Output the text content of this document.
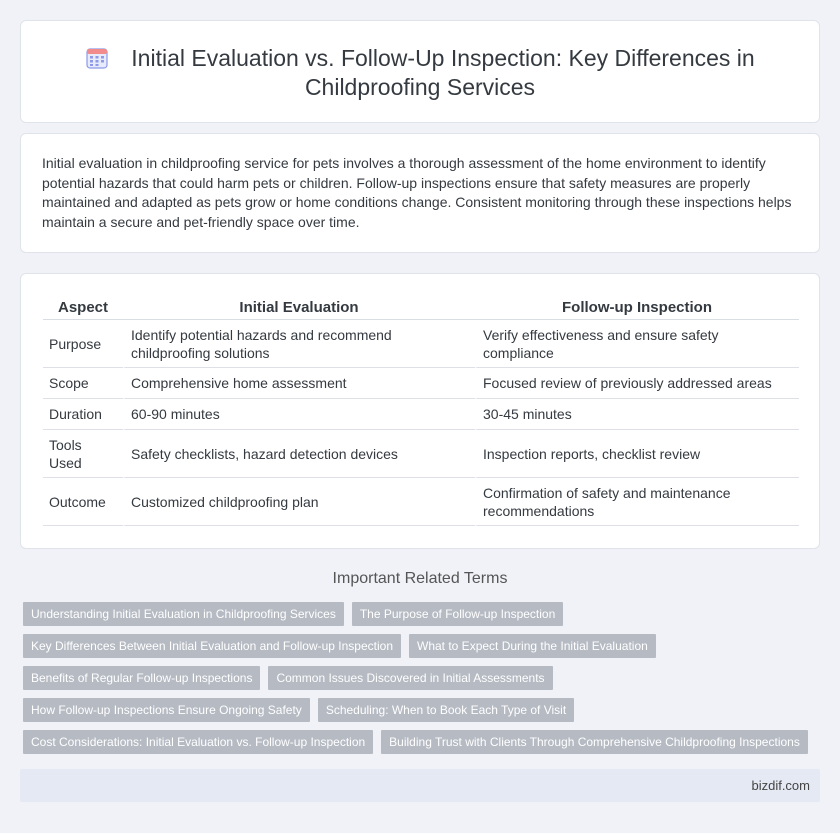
Initial Evaluation vs. Follow-Up Inspection: Key Differences in
Childproofing Services

Initial evaluation in childproofing service for pets involves a thorough assessment of the home environment to identify potential hazards that could harm pets or children. Follow-up inspections ensure that safety measures are properly maintained and adapted as pets grow or home conditions change. Consistent monitoring through these inspections helps maintain a secure and pet-friendly space over time.

Aspect	Initial Evaluation	Follow-up Inspection
Purpose	Identify potential hazards and recommend childproofing solutions	Verify effectiveness and ensure safety compliance
Scope	Comprehensive home assessment	Focused review of previously addressed areas
Duration	60-90 minutes	30-45 minutes
Tools Used	Safety checklists, hazard detection devices	Inspection reports, checklist review
Outcome	Customized childproofing plan	Confirmation of safety and maintenance recommendations
Important Related Terms
Understanding Initial Evaluation in Childproofing Services	The Purpose of Follow-up Inspection
Key Differences Between Initial Evaluation and Follow-up Inspection	What to Expect During the Initial Evaluation
Benefits of Regular Follow-up Inspections	Common Issues Discovered in Initial Assessments
How Follow-up Inspections Ensure Ongoing Safety	Scheduling: When to Book Each Type of Visit
Cost Considerations: Initial Evaluation vs. Follow-up Inspection	Building Trust with Clients Through Comprehensive Childproofing Inspections
bizdif.com
